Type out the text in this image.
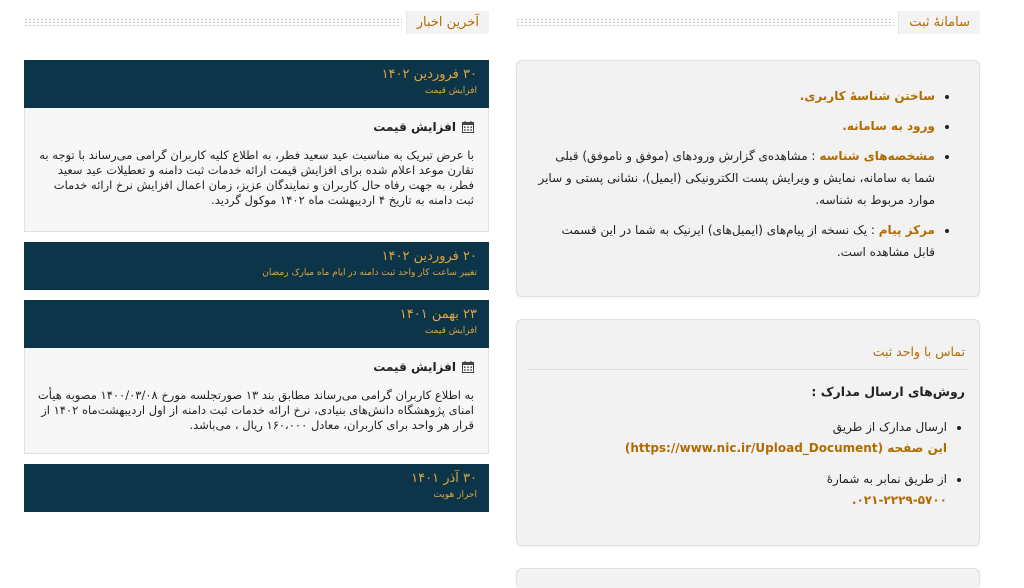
سامانهٔ ثبت
• ساختن شناسهٔ کاربری.
• ورود به سامانه.
• مشخصه‌های شناسه : مشاهده‌ی گزارش ورودهای (موفق و ناموفق) قبلی شما به سامانه، نمایش و ویرایش پست الکترونیکی (ایمیل)، نشانی پستی و سایر موارد مربوط به شناسه.
• مرکز پیام : یک نسخه از پیام‌های (ایمیل‌های) ایرنیک به شما در این قسمت قابل مشاهده است.
تماس با واحد ثبت
روش‌های ارسال مدارک :
• ارسال مدارک از طریق
این صفحه (https://www.nic.ir/Upload_Document)
• از طریق نمابر به شمارهٔ
۰۲۱-۲۲۲۹-۵۷۰۰.
آخرین اخبار
۳۰ فروردین ۱۴۰۲
افزایش قیمت
افزایش قیمت
با عرض تبریک به مناسبت عید سعید فطر، به اطلاع کلیه کاربران گرامی می‌رساند با توجه به تقارن موعد اعلام شده برای افزایش قیمت ارائه خدمات ثبت دامنه و تعطیلات عید سعید فطر، به جهت رفاه حال کاربران و نمایندگان عزیز، زمان اعمال افزایش نرخ ارائه خدمات ثبت دامنه به تاریخ ۴ اردیبهشت ماه ۱۴۰۲ موکول گردید.
۲۰ فروردین ۱۴۰۲
تغییر ساعت کار واحد ثبت دامنه در ایام ماه مبارک رمضان
۲۳ بهمن ۱۴۰۱
افزایش قیمت
افزایش قیمت
به اطلاع کاربران گرامی می‌رساند مطابق بند ۱۳ صورتجلسه مورخ ۱۴۰۰/۰۳/۰۸ مصوبه هیأت امنای پژوهشگاه دانش‌های بنیادی، نرخ ارائه خدمات ثبت دامنه از اول اردیبهشت‌ماه ۱۴۰۲ از قرار هر واحد برای کاربران، معادل ۱۶۰،۰۰۰ ریال ، می‌باشد.
۳۰ آذر ۱۴۰۱
احراز هویت
